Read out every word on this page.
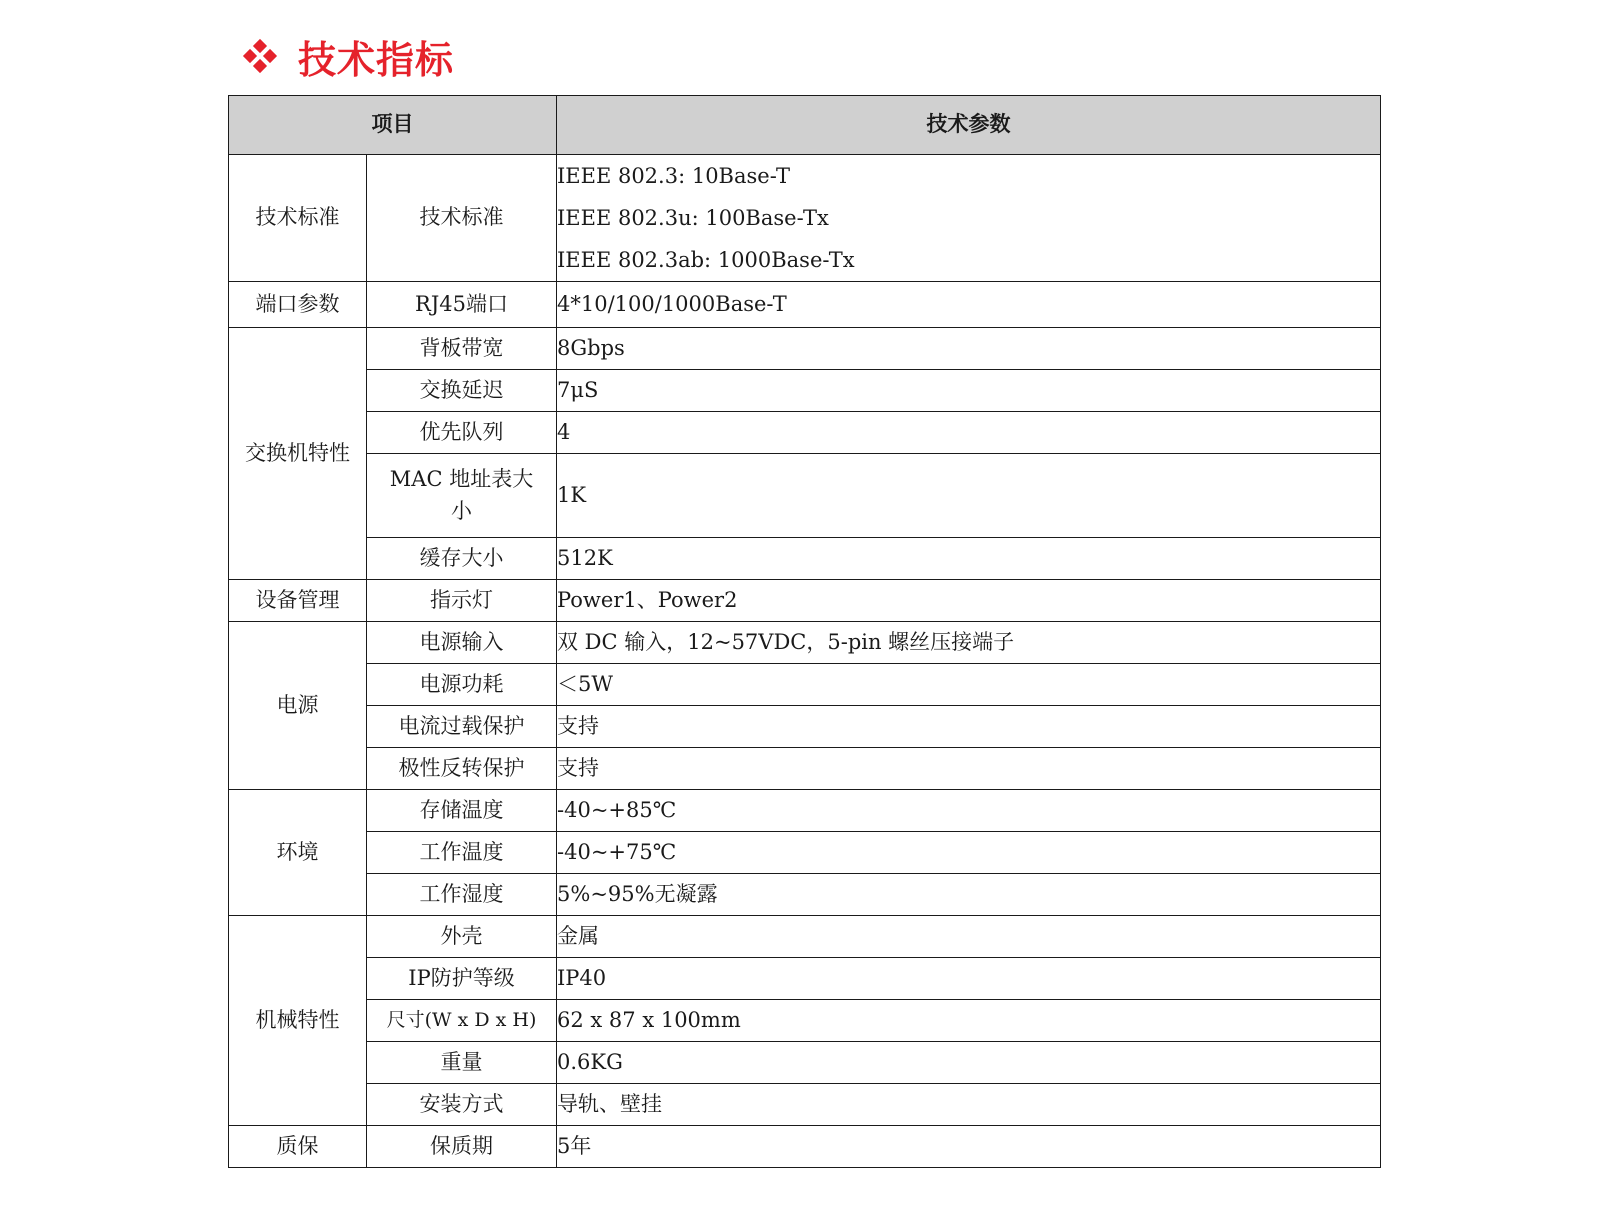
技术指标
项目		技术参数
技术标准	技术标准	IEEE 802.3: 10Base-T
IEEE 802.3u: 100Base-Tx
IEEE 802.3ab: 1000Base-Tx

端口参数	RJ45端口	4*10/100/1000Base-T
交换机特性	背板带宽	8Gbps
	交换延迟	7μS
	优先队列	4
	MAC 地址表大小	1K
	缓存大小	512K
设备管理	指示灯	Power1、Power2
电源	电源输入	双 DC 输入，12~57VDC，5-pin 螺丝压接端子
	电源功耗	＜5W
	电流过载保护	支持
	极性反转保护	支持
环境	存储温度	-40~+85℃
	工作温度	-40~+75℃
	工作湿度	5%~95%无凝露
机械特性	外壳	金属
	IP防护等级	IP40
	尺寸(W x D x H)	62 x 87 x 100mm
	重量	0.6KG
	安装方式	导轨、壁挂
质保	保质期	5年
